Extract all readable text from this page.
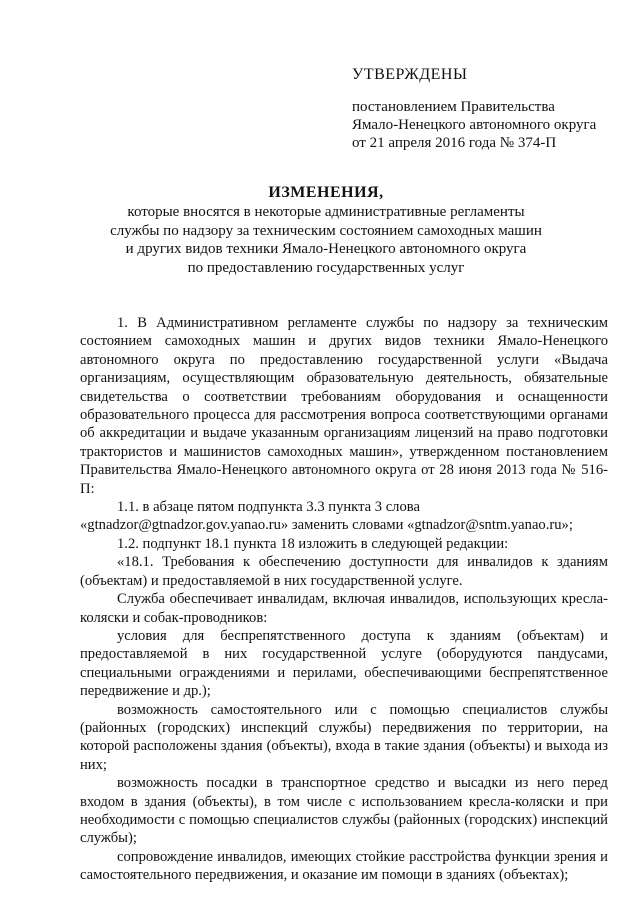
УТВЕРЖДЕНЫ
постановлением Правительства
Ямало-Ненецкого автономного округа
от 21 апреля 2016 года № 374-П
ИЗМЕНЕНИЯ,
которые вносятся в некоторые административные регламенты
службы по надзору за техническим состоянием самоходных машин
и других видов техники Ямало-Ненецкого автономного округа
по предоставлению государственных услуг

1. В Административном регламенте службы по надзору за техническим состоянием самоходных машин и других видов техники Ямало-Ненецкого автономного округа по предоставлению государственной услуги «Выдача организациям, осуществляющим образовательную деятельность, обязательные свидетельства о соответствии требованиям оборудования и оснащенности образовательного процесса для рассмотрения вопроса соответствующими органами об аккредитации и выдаче указанным организациям лицензий на право подготовки трактористов и машинистов самоходных машин», утвержденном постановлением Правительства Ямало-Ненецкого автономного округа от 28 июня 2013 года № 516-П:

1.1. в абзаце пятом подпункта 3.3 пункта 3 слова

«gtnadzor@gtnadzor.gov.yanao.ru» заменить словами «gtnadzor@sntm.yanao.ru»;

1.2. подпункт 18.1 пункта 18 изложить в следующей редакции:

«18.1. Требования к обеспечению доступности для инвалидов к зданиям (объектам) и предоставляемой в них государственной услуге.

Служба обеспечивает инвалидам, включая инвалидов, использующих кресла-коляски и собак-проводников:

условия для беспрепятственного доступа к зданиям (объектам) и предоставляемой в них государственной услуге (оборудуются пандусами, специальными ограждениями и перилами, обеспечивающими беспрепятственное передвижение и др.);

возможность самостоятельного или с помощью специалистов службы (районных (городских) инспекций службы) передвижения по территории, на которой расположены здания (объекты), входа в такие здания (объекты) и выхода из них;

возможность посадки в транспортное средство и высадки из него перед входом в здания (объекты), в том числе с использованием кресла-коляски и при необходимости с помощью специалистов службы (районных (городских) инспекций службы);

сопровождение инвалидов, имеющих стойкие расстройства функции зрения и самостоятельного передвижения, и оказание им помощи в зданиях (объектах);
